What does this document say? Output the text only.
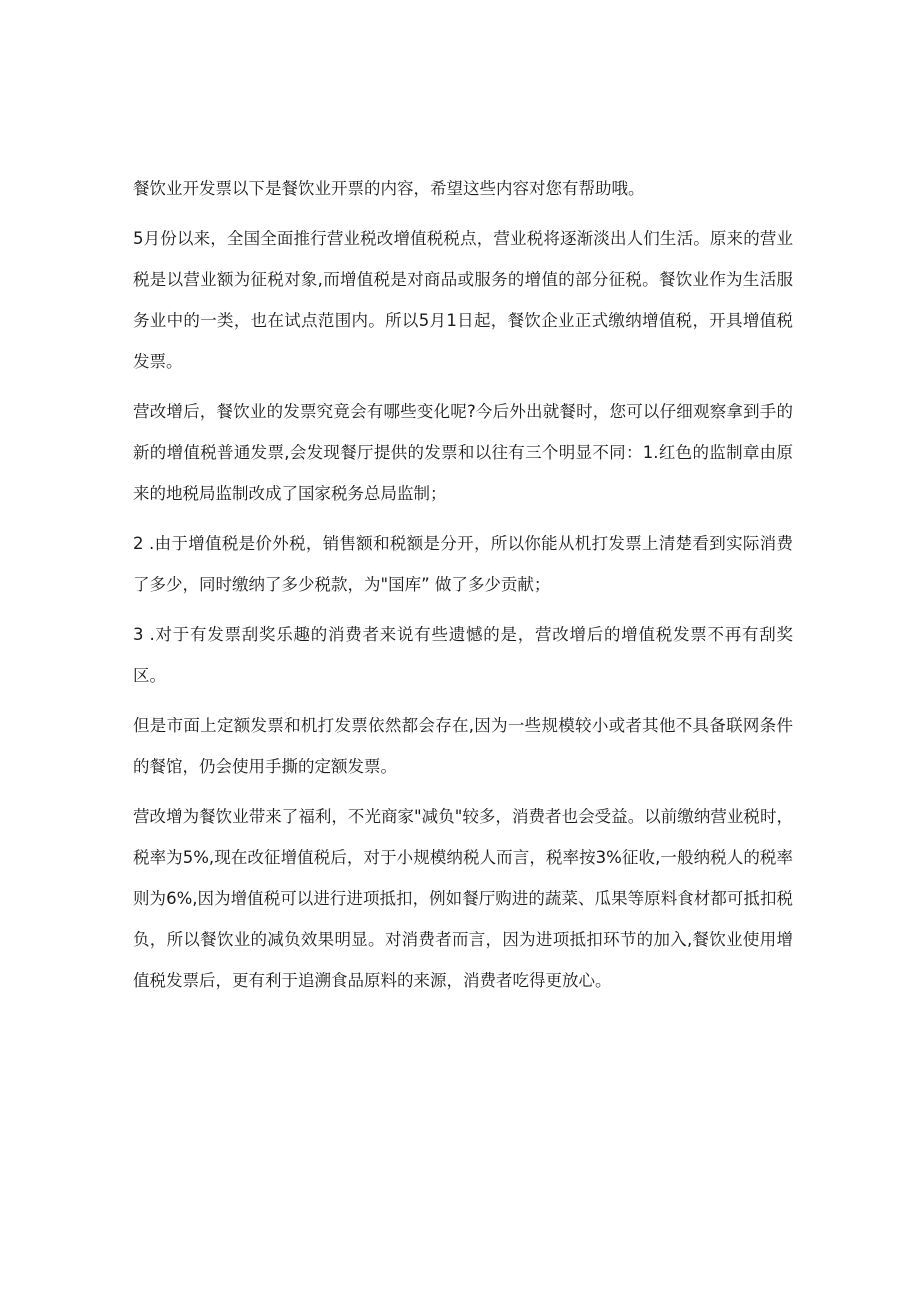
餐饮业开发票以下是餐饮业开票的内容，希望这些内容对您有帮助哦。

5月份以来，全国全面推行营业税改增值税税点，营业税将逐渐淡出人们生活。原来的营业税是以营业额为征税对象,而增值税是对商品或服务的增值的部分征税。餐饮业作为生活服务业中的一类，也在试点范围内。所以5月1日起，餐饮企业正式缴纳增值税，开具增值税发票。

营改增后，餐饮业的发票究竟会有哪些变化呢?今后外出就餐时，您可以仔细观察拿到手的新的增值税普通发票,会发现餐厅提供的发票和以往有三个明显不同：1.红色的监制章由原来的地税局监制改成了国家税务总局监制；

2 .由于增值税是价外税，销售额和税额是分开，所以你能从机打发票上清楚看到实际消费了多少，同时缴纳了多少税款，为"国库” 做了多少贡献；

3 .对于有发票刮奖乐趣的消费者来说有些遗憾的是，营改增后的增值税发票不再有刮奖区。

但是市面上定额发票和机打发票依然都会存在,因为一些规模较小或者其他不具备联网条件的餐馆，仍会使用手撕的定额发票。

营改增为餐饮业带来了福利，不光商家"减负"较多，消费者也会受益。以前缴纳营业税时，税率为5%,现在改征增值税后，对于小规模纳税人而言，税率按3%征收,一般纳税人的税率则为6%,因为增值税可以进行进项抵扣，例如餐厅购进的蔬菜、瓜果等原料食材都可抵扣税负，所以餐饮业的减负效果明显。对消费者而言，因为进项抵扣环节的加入,餐饮业使用增值税发票后，更有利于追溯食品原料的来源，消费者吃得更放心。
